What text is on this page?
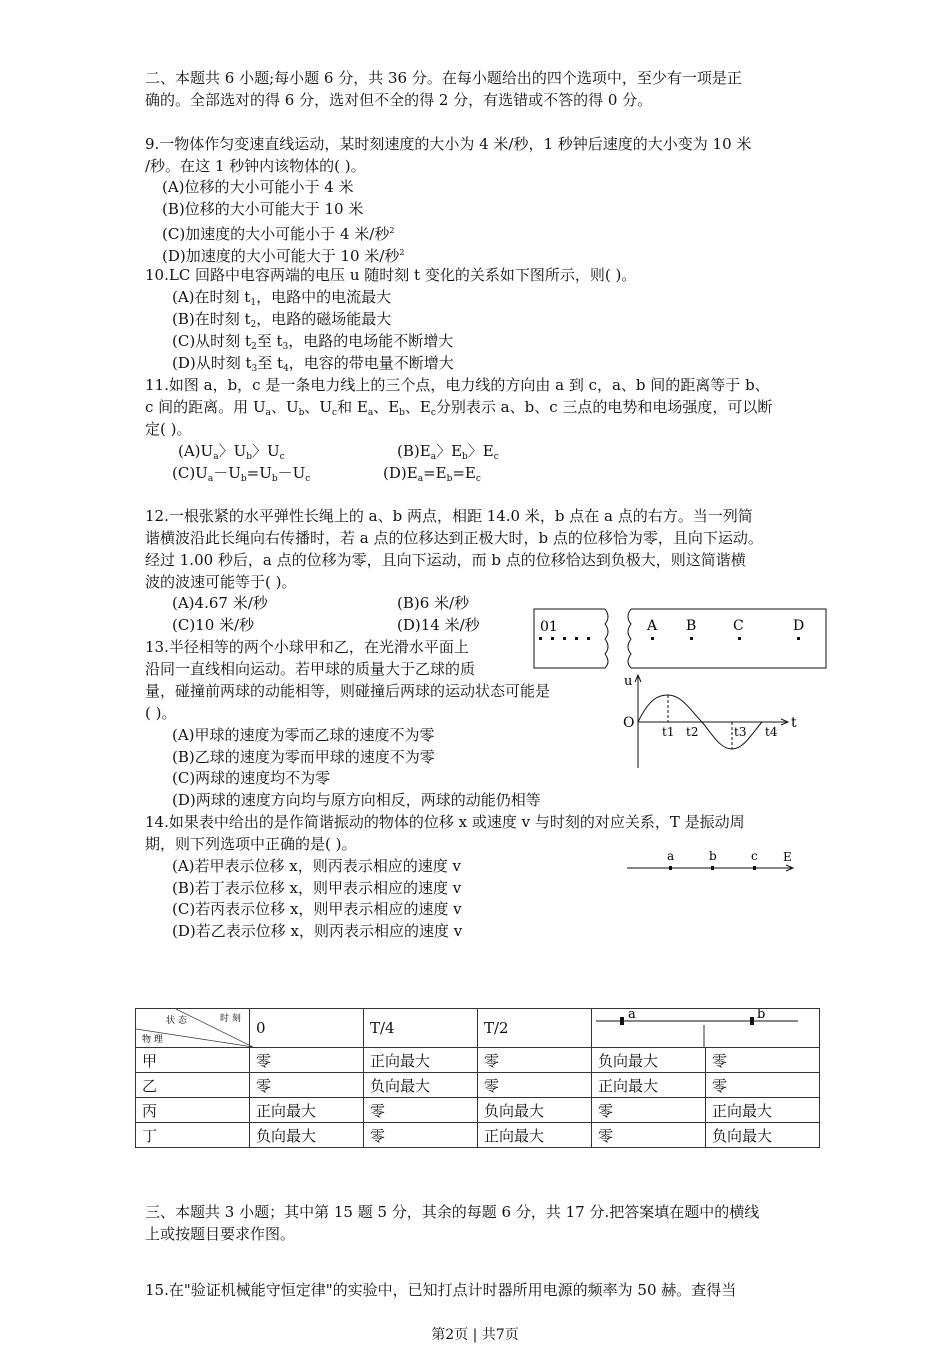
二、本题共 6 小题;每小题 6 分，共 36 分。在每小题给出的四个选项中，至少有一项是正
确的。全部选对的得 6 分，选对但不全的得 2 分，有选错或不答的得 0 分。
9.一物体作匀变速直线运动，某时刻速度的大小为 4 米/秒，1 秒钟后速度的大小变为 10 米
/秒。在这 1 秒钟内该物体的( )。
(A)位移的大小可能小于 4 米
(B)位移的大小可能大于 10 米
(C)加速度的大小可能小于 4 米/秒$^2$
(D)加速度的大小可能大于 10 米/秒$^2$
10.LC 回路中电容两端的电压 u 随时刻 t 变化的关系如下图所示，则( )。
(A)在时刻 $t_1$，电路中的电流最大
(B)在时刻 $t_2$，电路的磁场能最大
(C)从时刻 $t_2$至 $t_3$，电路的电场能不断增大
(D)从时刻 $t_3$至 $t_4$，电容的带电量不断增大
11.如图 a，b，c 是一条电力线上的三个点，电力线的方向由 a 到 c，a、b 间的距离等于 b、
c 间的距离。用 $U_a$、$U_b$、$U_c$和 $E_a$、$E_b$、$E_c$分别表示 a、b、c 三点的电势和电场强度，可以断
定( )。
$(A)U_a$〉$U_b$〉$U_c$	$(B)E_a$〉$E_b$〉$E_c$
$(C)U_a-U_b=U_b-U_c$	$(D)E_a=E_b=E_c$
12.一根张紧的水平弹性长绳上的 a、b 两点，相距 14.0 米，b 点在 a 点的右方。当一列简
谐横波沿此长绳向右传播时，若 a 点的位移达到正极大时，b 点的位移恰为零，且向下运动。
经过 1.00 秒后，a 点的位移为零，且向下运动，而 b 点的位移恰达到负极大，则这简谐横
波的波速可能等于( )。
(A)4.67 米/秒	(B)6 米/秒
(C)10 米/秒	(D)14 米/秒
13.半径相等的两个小球甲和乙，在光滑水平面上
沿同一直线相向运动。若甲球的质量大于乙球的质
量，碰撞前两球的动能相等，则碰撞后两球的运动状态可能是
( )。
(A)甲球的速度为零而乙球的速度不为零
(B)乙球的速度为零而甲球的速度不为零
(C)两球的速度均不为零
(D)两球的速度方向均与原方向相反，两球的动能仍相等
14.如果表中给出的是作简谐振动的物体的位移 x 或速度 v 与时刻的对应关系，T 是振动周
期，则下列选项中正确的是( )。
(A)若甲表示位移 x，则丙表示相应的速度 v
(B)若丁表示位移 x，则甲表示相应的速度 v
(C)若丙表示位移 x，则甲表示相应的速度 v
(D)若乙表示位移 x，则丙表示相应的速度 v
01	A B	C	D
u
O	t
t1 t2	t3 t4
a	b	c E
时 刻
状 态
物 理	0	T/4	T/2	a b	

甲	零	正向最大	零	负向最大	零
乙	零	负向最大	零	正向最大	零
丙	正向最大	零	负向最大	零	正向最大
丁	负向最大	零	正向最大	零	负向最大
三、本题共 3 小题；其中第 15 题 5 分，其余的每题 6 分，共 17 分.把答案填在题中的横线
上或按题目要求作图。
15.在"验证机械能守恒定律"的实验中，已知打点计时器所用电源的频率为 50 赫。查得当
第2页 | 共7页
